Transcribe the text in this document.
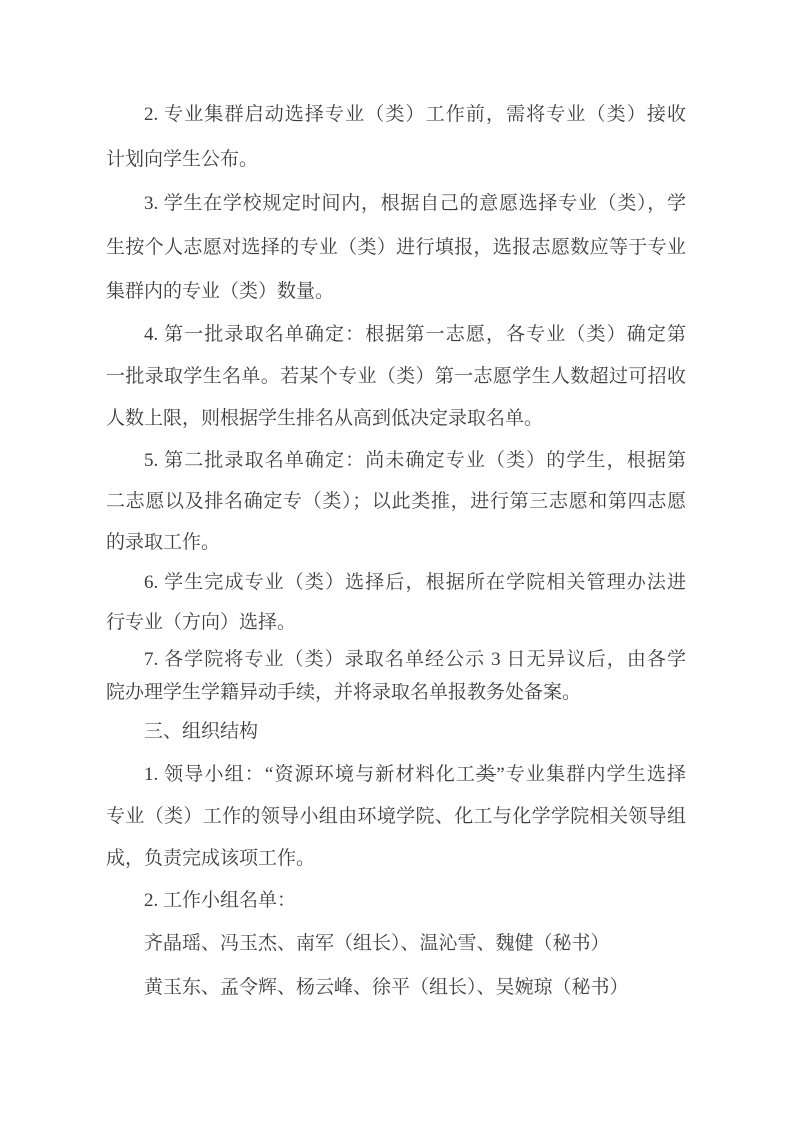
2. 专业集群启动选择专业（类）工作前，需将专业（类）接收
计划向学生公布。

3. 学生在学校规定时间内，根据自己的意愿选择专业（类），学
生按个人志愿对选择的专业（类）进行填报，选报志愿数应等于专业
集群内的专业（类）数量。

4. 第一批录取名单确定：根据第一志愿，各专业（类）确定第
一批录取学生名单。若某个专业（类）第一志愿学生人数超过可招收
人数上限，则根据学生排名从高到低决定录取名单。

5. 第二批录取名单确定：尚未确定专业（类）的学生，根据第
二志愿以及排名确定专（类）；以此类推，进行第三志愿和第四志愿
的录取工作。

6. 学生完成专业（类）选择后，根据所在学院相关管理办法进
行专业（方向）选择。

7. 各学院将专业（类）录取名单经公示 3 日无异议后，由各学
院办理学生学籍异动手续，并将录取名单报教务处备案。

三、组织结构

1. 领导小组：“资源环境与新材料化工类”专业集群内学生选择
专业（类）工作的领导小组由环境学院、化工与化学学院相关领导组
成，负责完成该项工作。

2. 工作小组名单：

齐晶瑶、冯玉杰、南军（组长）、温沁雪、魏健（秘书）

黄玉东、孟令辉、杨云峰、徐平（组长）、吴婉琼（秘书）
